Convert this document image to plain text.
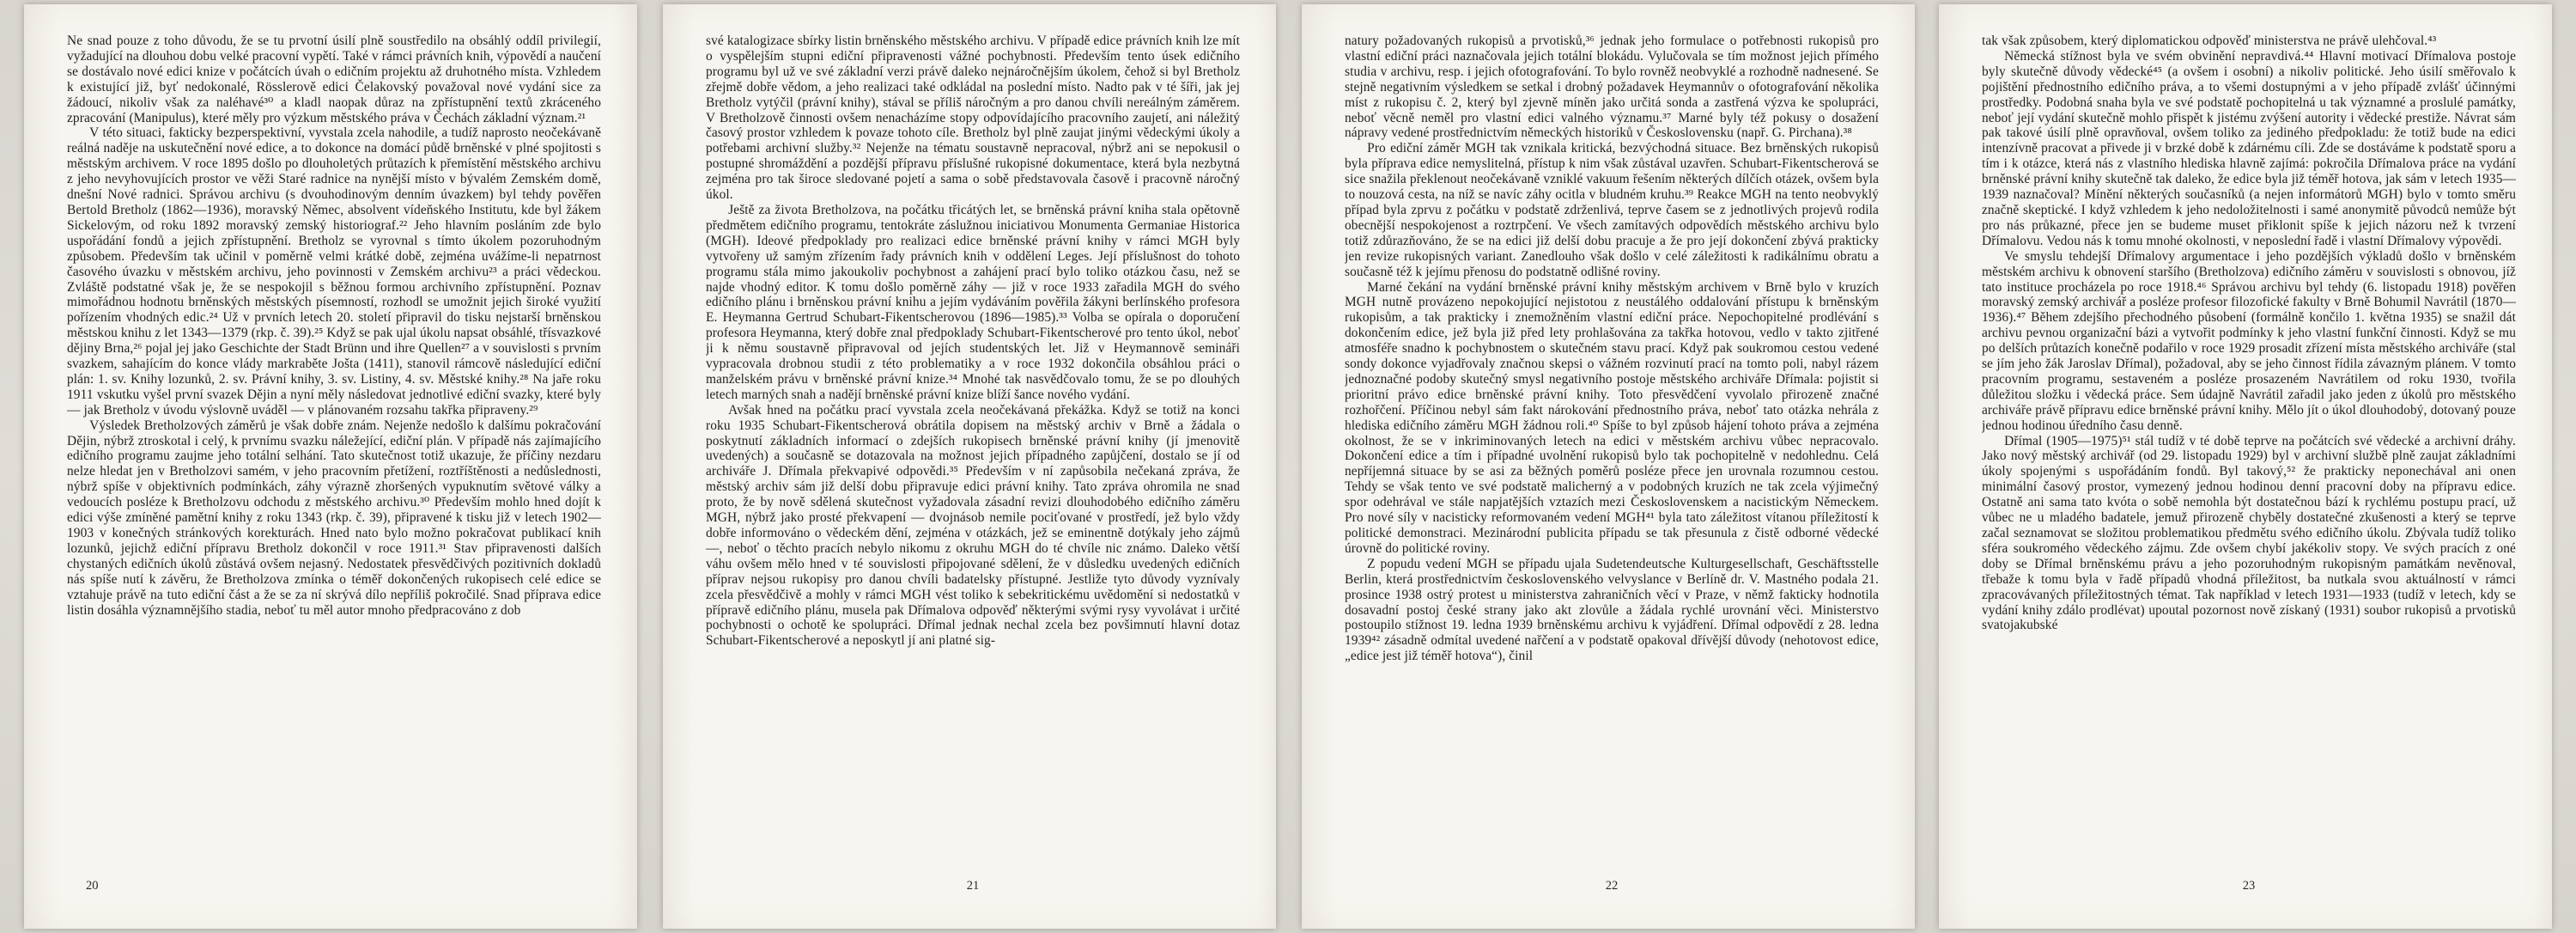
Ne snad pouze z toho důvodu, že se tu prvotní úsilí plně soustředilo na obsáhlý oddíl privilegií, vyžadující na dlouhou dobu velké pracovní vypětí. Také v rámci právních knih, výpovědí a naučení se dostávalo nové edici knize v počátcích úvah o edičním projektu až druhotného místa. Vzhledem k existující již, byť nedokonalé, Rösslerově edici Čelakovský považoval nové vydání sice za žádoucí, nikoliv však za naléhavé³⁰ a kladl naopak důraz na zpřístupnění textů zkráceného zpracování (Manipulus), které měly pro výzkum městského práva v Čechách základní význam.²¹

V této situaci, fakticky bezperspektivní, vyvstala zcela nahodile, a tudíž naprosto neočekávaně reálná naděje na uskutečnění nové edice, a to dokonce na domácí půdě brněnské v plné spojitosti s městským archivem. V roce 1895 došlo po dlouholetých průtazích k přemístění městského archivu z jeho nevyhovujících prostor ve věži Staré radnice na nynější místo v bývalém Zemském domě, dnešní Nové radnici. Správou archivu (s dvouhodinovým denním úvazkem) byl tehdy pověřen Bertold Bretholz (1862—1936), moravský Němec, absolvent vídeňského Institutu, kde byl žákem Sickelovým, od roku 1892 moravský zemský historiograf.²² Jeho hlavním posláním zde bylo uspořádání fondů a jejich zpřístupnění. Bretholz se vyrovnal s tímto úkolem pozoruhodným způsobem. Především tak učinil v poměrně velmi krátké době, zejména uvážíme-li nepatrnost časového úvazku v městském archivu, jeho povinnosti v Zemském archivu²³ a práci vědeckou. Zvláště podstatné však je, že se nespokojil s běžnou formou archivního zpřístupnění. Poznav mimořádnou hodnotu brněnských městských písemností, rozhodl se umožnit jejich široké využití pořízením vhodných edic.²⁴ Už v prvních letech 20. století připravil do tisku nejstarší brněnskou městskou knihu z let 1343—1379 (rkp. č. 39).²⁵ Když se pak ujal úkolu napsat obsáhlé, třísvazkové dějiny Brna,²⁶ pojal jej jako Geschichte der Stadt Brünn und ihre Quellen²⁷ a v souvislosti s prvním svazkem, sahajícím do konce vlády markraběte Jošta (1411), stanovil rámcově následující ediční plán: 1. sv. Knihy lozunků, 2. sv. Právní knihy, 3. sv. Listiny, 4. sv. Městské knihy.²⁸ Na jaře roku 1911 vskutku vyšel první svazek Dějin a nyní měly následovat jednotlivé ediční svazky, které byly — jak Bretholz v úvodu výslovně uváděl — v plánovaném rozsahu takřka připraveny.²⁹

Výsledek Bretholzových záměrů je však dobře znám. Nejenže nedošlo k dalšímu pokračování Dějin, nýbrž ztroskotal i celý, k prvnímu svazku náležející, ediční plán. V případě nás zajímajícího edičního programu zaujme jeho totální selhání. Tato skutečnost totiž ukazuje, že příčiny nezdaru nelze hledat jen v Bretholzovi samém, v jeho pracovním přetížení, roztříštěnosti a nedůslednosti, nýbrž spíše v objektivních podmínkách, záhy výrazně zhoršených vypuknutím světové války a vedoucích posléze k Bretholzovu odchodu z městského archivu.³⁰ Především mohlo hned dojít k edici výše zmíněné pamětní knihy z roku 1343 (rkp. č. 39), připravené k tisku již v letech 1902—1903 v konečných stránkových korekturách. Hned nato bylo možno pokračovat publikací knih lozunků, jejichž ediční přípravu Bretholz dokončil v roce 1911.³¹ Stav připravenosti dalších chystaných edičních úkolů zůstává ovšem nejasný. Nedostatek přesvědčivých pozitivních dokladů nás spíše nutí k závěru, že Bretholzova zmínka o téměř dokončených rukopisech celé edice se vztahuje právě na tuto ediční část a že se za ní skrývá dílo nepříliš pokročilé. Snad příprava edice listin dosáhla významnějšího stadia, neboť tu měl autor mnoho předpracováno z dob

20

své katalogizace sbírky listin brněnského městského archivu. V případě edice právních knih lze mít o vyspělejším stupni ediční připravenosti vážné pochybnosti. Především tento úsek edičního programu byl už ve své základní verzi právě daleko nejnáročnějším úkolem, čehož si byl Bretholz zřejmě dobře vědom, a jeho realizaci také odkládal na poslední místo. Nadto pak v té šíři, jak jej Bretholz vytýčil (právní knihy), stával se příliš náročným a pro danou chvíli nereálným záměrem. V Bretholzově činnosti ovšem nenacházíme stopy odpovídajícího pracovního zaujetí, ani náležitý časový prostor vzhledem k povaze tohoto cíle. Bretholz byl plně zaujat jinými vědeckými úkoly a potřebami archivní služby.³² Nejenže na tématu soustavně nepracoval, nýbrž ani se nepokusil o postupné shromáždění a pozdější přípravu příslušné rukopisné dokumentace, která byla nezbytná zejména pro tak široce sledované pojetí a sama o sobě představovala časově i pracovně náročný úkol.

Ještě za života Bretholzova, na počátku třicátých let, se brněnská právní kniha stala opětovně předmětem edičního programu, tentokráte záslužnou iniciativou Monumenta Germaniae Historica (MGH). Ideové předpoklady pro realizaci edice brněnské právní knihy v rámci MGH byly vytvořeny už samým zřízením řady právních knih v oddělení Leges. Její příslušnost do tohoto programu stála mimo jakoukoliv pochybnost a zahájení prací bylo toliko otázkou času, než se najde vhodný editor. K tomu došlo poměrně záhy — již v roce 1933 zařadila MGH do svého edičního plánu i brněnskou právní knihu a jejím vydáváním pověřila žákyni berlínského profesora E. Heymanna Gertrud Schubart-Fikentscherovou (1896—1985).³³ Volba se opírala o doporučení profesora Heymanna, který dobře znal předpoklady Schubart-Fikentscherové pro tento úkol, neboť ji k němu soustavně připravoval od jejích studentských let. Již v Heymannově semináři vypracovala drobnou studii z této problematiky a v roce 1932 dokončila obsáhlou práci o manželském právu v brněnské právní knize.³⁴ Mnohé tak nasvědčovalo tomu, že se po dlouhých letech marných snah a nadějí brněnské právní knize blíží šance nového vydání.

Avšak hned na počátku prací vyvstala zcela neočekávaná překážka. Když se totiž na konci roku 1935 Schubart-Fikentscherová obrátila dopisem na městský archiv v Brně a žádala o poskytnutí základních informací o zdejších rukopisech brněnské právní knihy (jí jmenovitě uvedených) a současně se dotazovala na možnost jejich případného zapůjčení, dostalo se jí od archiváře J. Dřímala překvapivé odpovědi.³⁵ Především v ní zapůsobila nečekaná zpráva, že městský archiv sám již delší dobu připravuje edici právní knihy. Tato zpráva ohromila ne snad proto, že by nově sdělená skutečnost vyžadovala zásadní revizi dlouhodobého edičního záměru MGH, nýbrž jako prosté překvapení — dvojnásob nemile pociťované v prostředí, jež bylo vždy dobře informováno o vědeckém dění, zejména v otázkách, jež se eminentně dotýkaly jeho zájmů —, neboť o těchto pracích nebylo nikomu z okruhu MGH do té chvíle nic známo. Daleko větší váhu ovšem mělo hned v té souvislosti připojované sdělení, že v důsledku uvedených edičních příprav nejsou rukopisy pro danou chvíli badatelsky přístupné. Jestliže tyto důvody vyznívaly zcela přesvědčivě a mohly v rámci MGH vést toliko k sebekritickému uvědomění si nedostatků v přípravě edičního plánu, musela pak Dřímalova odpověď některými svými rysy vyvolávat i určité pochybnosti o ochotě ke spolupráci. Dřímal jednak nechal zcela bez povšimnutí hlavní dotaz Schubart-Fikentscherové a neposkytl jí ani platné sig-

21

natury požadovaných rukopisů a prvotisků,³⁶ jednak jeho formulace o potřebnosti rukopisů pro vlastní ediční práci naznačovala jejich totální blokádu. Vylučovala se tím možnost jejich přímého studia v archivu, resp. i jejich ofotografování. To bylo rovněž neobvyklé a rozhodně nadnesené. Se stejně negativním výsledkem se setkal i drobný požadavek Heymannův o ofotografování několika míst z rukopisu č. 2, který byl zjevně míněn jako určitá sonda a zastřená výzva ke spolupráci, neboť věcně neměl pro vlastní edici valného významu.³⁷ Marné byly též pokusy o dosažení nápravy vedené prostřednictvím německých historiků v Československu (např. G. Pirchana).³⁸

Pro ediční záměr MGH tak vznikala kritická, bezvýchodná situace. Bez brněnských rukopisů byla příprava edice nemyslitelná, přístup k nim však zůstával uzavřen. Schubart-Fikentscherová se sice snažila překlenout neočekávaně vzniklé vakuum řešením některých dílčích otázek, ovšem byla to nouzová cesta, na níž se navíc záhy ocitla v bludném kruhu.³⁹ Reakce MGH na tento neobvyklý případ byla zprvu z počátku v podstatě zdrženlivá, teprve časem se z jednotlivých projevů rodila obecnější nespokojenost a roztrpčení. Ve všech zamítavých odpovědích městského archivu bylo totiž zdůrazňováno, že se na edici již delší dobu pracuje a že pro její dokončení zbývá prakticky jen revize rukopisných variant. Zanedlouho však došlo v celé záležitosti k radikálnímu obratu a současně též k jejímu přenosu do podstatně odlišné roviny.

Marné čekání na vydání brněnské právní knihy městským archivem v Brně bylo v kruzích MGH nutně provázeno nepokojující nejistotou z neustálého oddalování přístupu k brněnským rukopisům, a tak prakticky i znemožněním vlastní ediční práce. Nepochopitelné prodlévání s dokončením edice, jež byla již před lety prohlašována za takřka hotovou, vedlo v takto zjitřené atmosféře snadno k pochybnostem o skutečném stavu prací. Když pak soukromou cestou vedené sondy dokonce vyjadřovaly značnou skepsi o vážném rozvinutí prací na tomto poli, nabyl rázem jednoznačné podoby skutečný smysl negativního postoje městského archiváře Dřímala: pojistit si prioritní právo edice brněnské právní knihy. Toto přesvědčení vyvolalo přirozeně značné rozhořčení. Příčinou nebyl sám fakt nárokování přednostního práva, neboť tato otázka nehrála z hlediska edičního záměru MGH žádnou roli.⁴⁰ Spíše to byl způsob hájení tohoto práva a zejména okolnost, že se v inkriminovaných letech na edici v městském archivu vůbec nepracovalo. Dokončení edice a tím i případné uvolnění rukopisů bylo tak pochopitelně v nedohlednu. Celá nepříjemná situace by se asi za běžných poměrů posléze přece jen urovnala rozumnou cestou. Tehdy se však tento ve své podstatě malicherný a v podobných kruzích ne tak zcela výjimečný spor odehrával ve stále napjatějších vztazích mezi Československem a nacistickým Německem. Pro nové síly v nacisticky reformovaném vedení MGH⁴¹ byla tato záležitost vítanou příležitostí k politické demonstraci. Mezinárodní publicita případu se tak přesunula z čistě odborné vědecké úrovně do politické roviny.

Z popudu vedení MGH se případu ujala Sudetendeutsche Kulturgesellschaft, Geschäftsstelle Berlin, která prostřednictvím československého velvyslance v Berlíně dr. V. Mastného podala 21. prosince 1938 ostrý protest u ministerstva zahraničních věcí v Praze, v němž fakticky hodnotila dosavadní postoj české strany jako akt zlovůle a žádala rychlé urovnání věci. Ministerstvo postoupilo stížnost 19. ledna 1939 brněnskému archivu k vyjádření. Dřímal odpovědí z 28. ledna 1939⁴² zásadně odmítal uvedené nařčení a v podstatě opakoval dřívější důvody (nehotovost edice, „edice jest již téměř hotova“), činil

22

tak však způsobem, který diplomatickou odpověď ministerstva ne právě ulehčoval.⁴³

Německá stížnost byla ve svém obvinění nepravdivá.⁴⁴ Hlavní motivací Dřímalova postoje byly skutečně důvody vědecké⁴⁵ (a ovšem i osobní) a nikoliv politické. Jeho úsilí směřovalo k pojištění přednostního edičního práva, a to všemi dostupnými a v jeho případě zvlášť účinnými prostředky. Podobná snaha byla ve své podstatě pochopitelná u tak významné a proslulé památky, neboť její vydání skutečně mohlo přispět k jistému zvýšení autority i vědecké prestiže. Návrat sám pak takové úsilí plně opravňoval, ovšem toliko za jediného předpokladu: že totiž bude na edici intenzívně pracovat a přivede ji v brzké době k zdárnému cíli. Zde se dostáváme k podstatě sporu a tím i k otázce, která nás z vlastního hlediska hlavně zajímá: pokročila Dřímalova práce na vydání brněnské právní knihy skutečně tak daleko, že edice byla již téměř hotova, jak sám v letech 1935—1939 naznačoval? Mínění některých současníků (a nejen informátorů MGH) bylo v tomto směru značně skeptické. I když vzhledem k jeho nedoložitelnosti i samé anonymitě původců nemůže být pro nás průkazné, přece jen se budeme muset přiklonit spíše k jejich názoru než k tvrzení Dřímalovu. Vedou nás k tomu mnohé okolnosti, v neposlední řadě i vlastní Dřímalovy výpovědi.

Ve smyslu tehdejší Dřímalovy argumentace i jeho pozdějších výkladů došlo v brněnském městském archivu k obnovení staršího (Bretholzova) edičního záměru v souvislosti s obnovou, jíž tato instituce procházela po roce 1918.⁴⁶ Správou archivu byl tehdy (6. listopadu 1918) pověřen moravský zemský archivář a posléze profesor filozofické fakulty v Brně Bohumil Navrátil (1870—1936).⁴⁷ Během zdejšího přechodného působení (formálně končilo 1. května 1935) se snažil dát archivu pevnou organizační bázi a vytvořit podmínky k jeho vlastní funkční činnosti. Když se mu po delších průtazích konečně podařilo v roce 1929 prosadit zřízení místa městského archiváře (stal se jím jeho žák Jaroslav Dřímal), požadoval, aby se jeho činnost řídila závazným plánem. V tomto pracovním programu, sestaveném a posléze prosazeném Navrátilem od roku 1930, tvořila důležitou složku i vědecká práce. Sem údajně Navrátil zařadil jako jeden z úkolů pro městského archiváře právě přípravu edice brněnské právní knihy. Mělo jít o úkol dlouhodobý, dotovaný pouze jednou hodinou úředního času denně.

Dřímal (1905—1975)⁵¹ stál tudíž v té době teprve na počátcích své vědecké a archivní dráhy. Jako nový městský archivář (od 29. listopadu 1929) byl v archivní službě plně zaujat základními úkoly spojenými s uspořádáním fondů. Byl takový,⁵² že prakticky neponechával ani onen minimální časový prostor, vymezený jednou hodinou denní pracovní doby na přípravu edice. Ostatně ani sama tato kvóta o sobě nemohla být dostatečnou bází k rychlému postupu prací, už vůbec ne u mladého badatele, jemuž přirozeně chyběly dostatečné zkušenosti a který se teprve začal seznamovat se složitou problematikou předmětu svého edičního úkolu. Zbývala tudíž toliko sféra soukromého vědeckého zájmu. Zde ovšem chybí jakékoliv stopy. Ve svých pracích z oné doby se Dřímal brněnskému právu a jeho pozoruhodným rukopisným památkám nevěnoval, třebaže k tomu byla v řadě případů vhodná příležitost, ba nutkala svou aktuálností v rámci zpracovávaných příležitostných témat. Tak například v letech 1931—1933 (tudíž v letech, kdy se vydání knihy zdálo prodlévat) upoutal pozornost nově získaný (1931) soubor rukopisů a prvotisků svatojakubské

23
